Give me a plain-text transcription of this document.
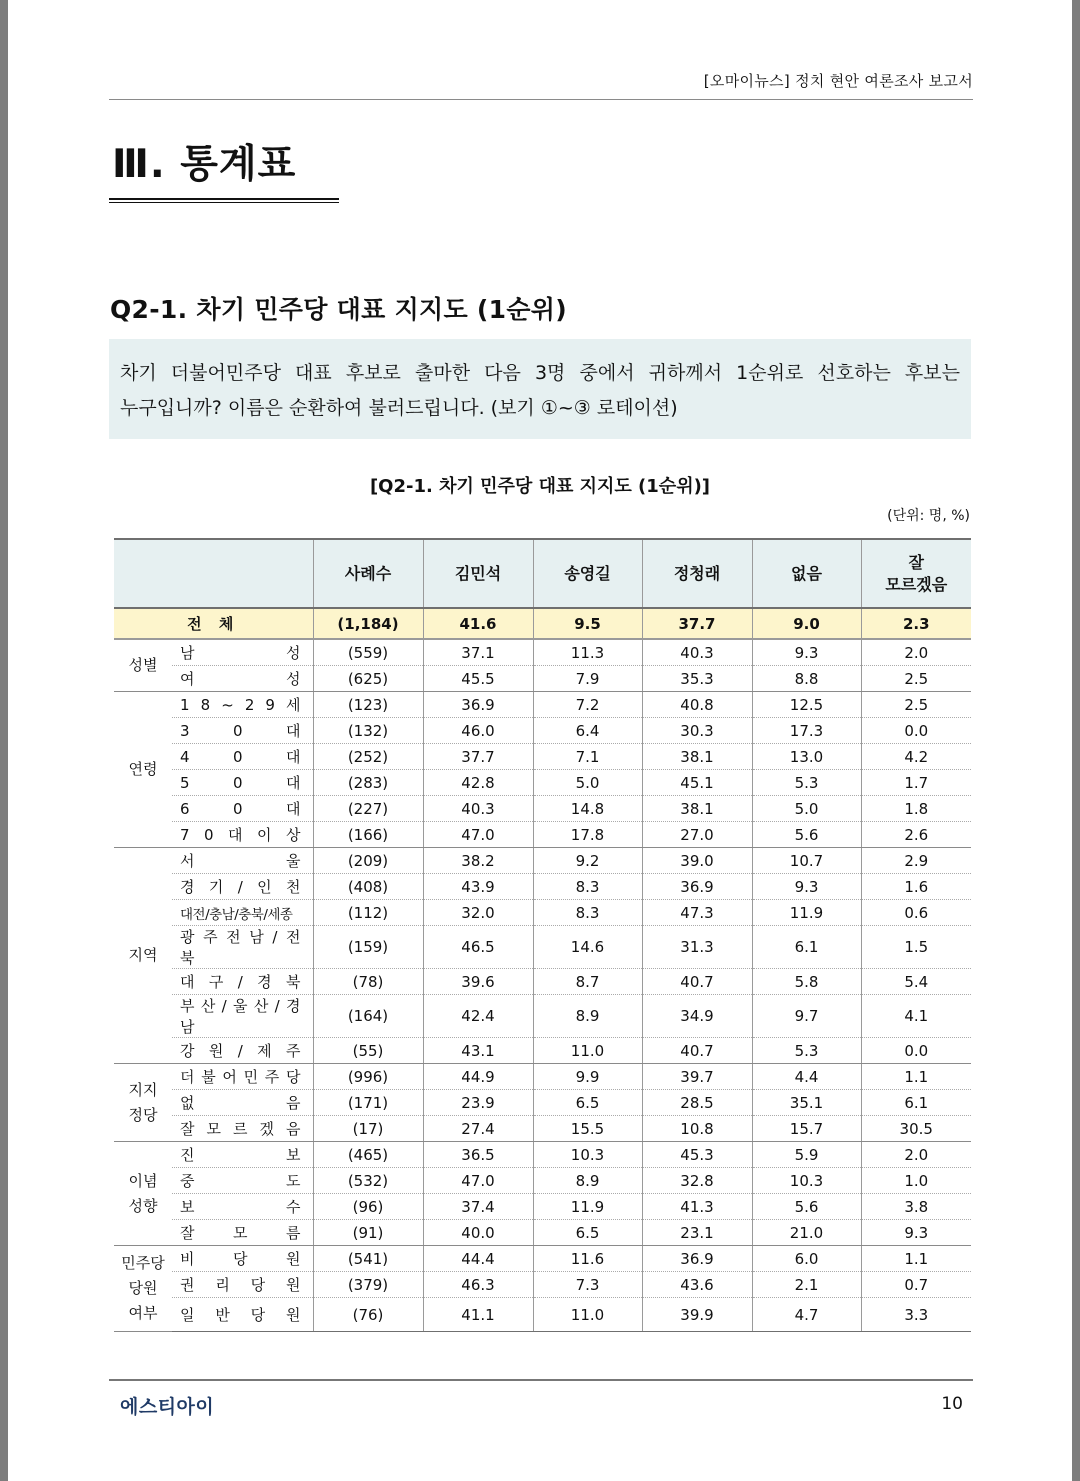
[오마이뉴스] 정치 현안 여론조사 보고서
Ⅲ. 통계표
Q2-1. 차기 민주당 대표 지지도 (1순위)
차기 더불어민주당 대표 후보로 출마한 다음 3명 중에서 귀하께서 1순위로 선호하는 후보는
누구입니까? 이름은 순환하여 불러드립니다. (보기 ①~③ 로테이션)
[Q2-1. 차기 민주당 대표 지지도 (1순위)]
(단위: 명, %)
		사례수	김민석	송영길	정청래	없음	잘
모르겠음

전 체		(1,184)	41.6	9.5	37.7	9.0	2.3

성별	남 성	(559)	37.1	11.3	40.3	9.3	2.0
	여 성	(625)	45.5	7.9	35.3	8.8	2.5

연령	1 8 ~ 2 9 세	(123)	36.9	7.2	40.8	12.5	2.5
	3 0 대	(132)	46.0	6.4	30.3	17.3	0.0
	4 0 대	(252)	37.7	7.1	38.1	13.0	4.2
	5 0 대	(283)	42.8	5.0	45.1	5.3	1.7
	6 0 대	(227)	40.3	14.8	38.1	5.0	1.8
	7 0 대 이 상	(166)	47.0	17.8	27.0	5.6	2.6

지역	서 울	(209)	38.2	9.2	39.0	10.7	2.9
	경 기 / 인 천	(408)	43.9	8.3	36.9	9.3	1.6
	대전/충남/충북/세종	(112)	32.0	8.3	47.3	11.9	0.6
	광 주 전 남 / 전 북	(159)	46.5	14.6	31.3	6.1	1.5
	대 구 / 경 북	(78)	39.6	8.7	40.7	5.8	5.4
	부 산 / 울 산 / 경 남	(164)	42.4	8.9	34.9	9.7	4.1
	강 원 / 제 주	(55)	43.1	11.0	40.7	5.3	0.0

지지
정당	더 불 어 민 주 당	(996)	44.9	9.9	39.7	4.4	1.1
	없 음	(171)	23.9	6.5	28.5	35.1	6.1
	잘 모 르 겠 음	(17)	27.4	15.5	10.8	15.7	30.5

이념
성향	진 보	(465)	36.5	10.3	45.3	5.9	2.0
	중 도	(532)	47.0	8.9	32.8	10.3	1.0
	보 수	(96)	37.4	11.9	41.3	5.6	3.8
	잘 모 름	(91)	40.0	6.5	23.1	21.0	9.3

민주당
당원
여부	비 당 원	(541)	44.4	11.6	36.9	6.0	1.1
	권 리 당 원	(379)	46.3	7.3	43.6	2.1	0.7
	일 반 당 원	(76)	41.1	11.0	39.9	4.7	3.3
에스티아이	10
